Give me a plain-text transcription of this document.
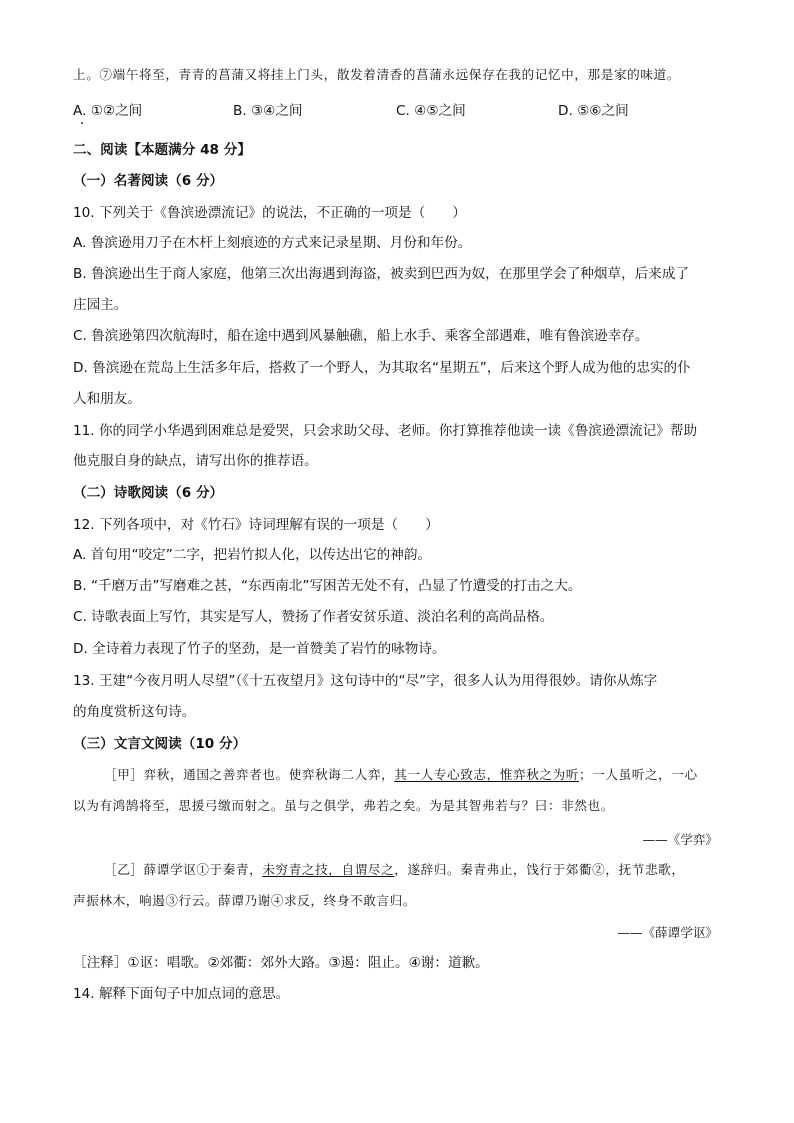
上。⑦端午将至，青青的菖蒲又将挂上门头，散发着清香的菖蒲永远保存在我的记忆中，那是家的味道。
A. ①②之间	B. ③④之间	C. ④⑤之间	D. ⑤⑥之间
二、阅读【本题满分 48 分】
（一）名著阅读（6 分）
10. 下列关于《鲁滨逊漂流记》的说法，不正确的一项是（　　）
A. 鲁滨逊用刀子在木杆上刻痕迹的方式来记录星期、月份和年份。
B. 鲁滨逊出生于商人家庭，他第三次出海遇到海盗，被卖到巴西为奴，在那里学会了种烟草，后来成了
庄园主。
C. 鲁滨逊第四次航海时，船在途中遇到风暴触礁，船上水手、乘客全部遇难，唯有鲁滨逊幸存。
D. 鲁滨逊在荒岛上生活多年后，搭救了一个野人，为其取名“星期五”，后来这个野人成为他的忠实的仆
人和朋友。
11. 你的同学小华遇到困难总是爱哭，只会求助父母、老师。你打算推荐他读一读《鲁滨逊漂流记》帮助
他克服自身的缺点，请写出你的推荐语。
（二）诗歌阅读（6 分）
12. 下列各项中，对《竹石》诗词理解有误的一项是（　　）
A. 首句用“咬定”二字，把岩竹拟人化，以传达出它的神韵。
B. “千磨万击”写磨难之甚，“东西南北”写困苦无处不有，凸显了竹遭受的打击之大。
C. 诗歌表面上写竹，其实是写人，赞扬了作者安贫乐道、淡泊名利的高尚品格。
D. 全诗着力表现了竹子的坚劲，是一首赞美了岩竹的咏物诗。
13. 王建“今夜月明人尽望”（《十五夜望月》这句诗中的“尽”字，很多人认为用得很妙。请你从炼字
的角度赏析这句诗。
（三）文言文阅读（10 分）
［甲］弈秋，通国之善弈者也。使弈秋诲二人弈，其一人专心致志，惟弈秋之为听；一人虽听之，一心
以为有鸿鹄将至，思援弓缴而射之。虽与之俱学，弗若之矣。为是其智弗若与？曰：非然也。
——《学弈》
［乙］薛谭学讴①于秦青，未穷青之技，自谓尽之，遂辞归。秦青弗止，饯行于郊衢②，抚节悲歌，
声振林木，响遏③行云。薛谭乃谢④求反，终身不敢言归。
——《薛谭学讴》
［注释］①讴：唱歌。②郊衢：郊外大路。③遏：阻止。④谢：道歉。
14. 解释下面句子中加点词的意思。
